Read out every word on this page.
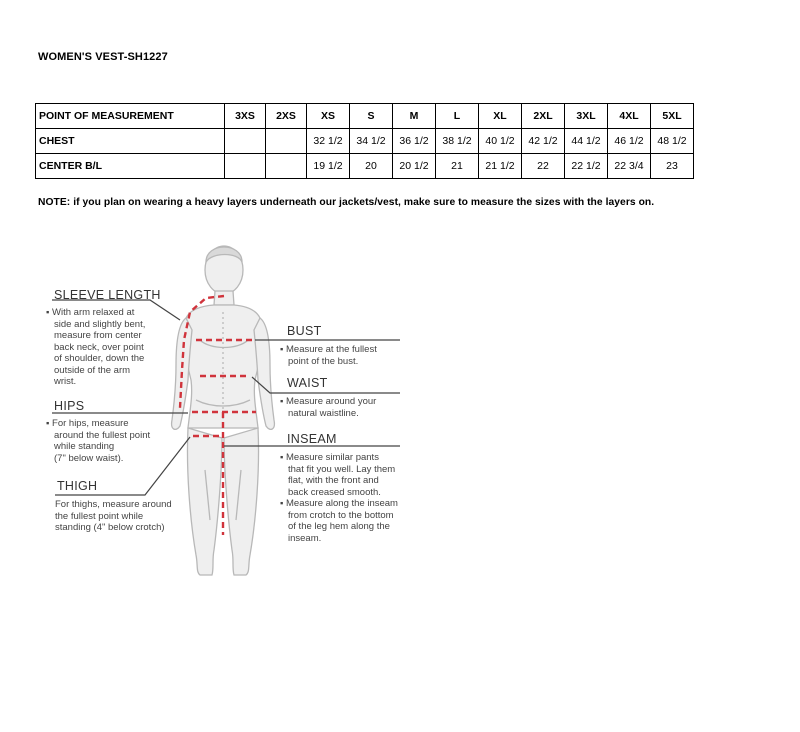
WOMEN'S VEST-SH1227
POINT OF MEASUREMENT	3XS	2XS	XS	S	M	L	XL	2XL	3XL	4XL	5XL
CHEST			32 1/2	34 1/2	36 1/2	38 1/2	40 1/2	42 1/2	44 1/2	46 1/2	48 1/2
CENTER B/L			19 1/2	20	20 1/2	21	21 1/2	22	22 1/2	22 3/4	23
NOTE: if you plan on wearing a heavy layers underneath our jackets/vest, make sure to measure the sizes with the layers on.
SLEEVE LENGTH
▪ With arm relaxed at
side and slightly bent,
measure from center
back neck, over point
of shoulder, down the
outside of the arm
wrist.
HIPS
▪ For hips, measure
around the fullest point
while standing
(7" below waist).
THIGH
For thighs, measure around
the fullest point while
standing (4" below crotch)
BUST
▪ Measure at the fullest
point of the bust.
WAIST
▪ Measure around your
natural waistline.
INSEAM
▪ Measure similar pants
that fit you well. Lay them
flat, with the front and
back creased smooth.
▪ Measure along the inseam
from crotch to the bottom
of the leg hem along the
inseam.
